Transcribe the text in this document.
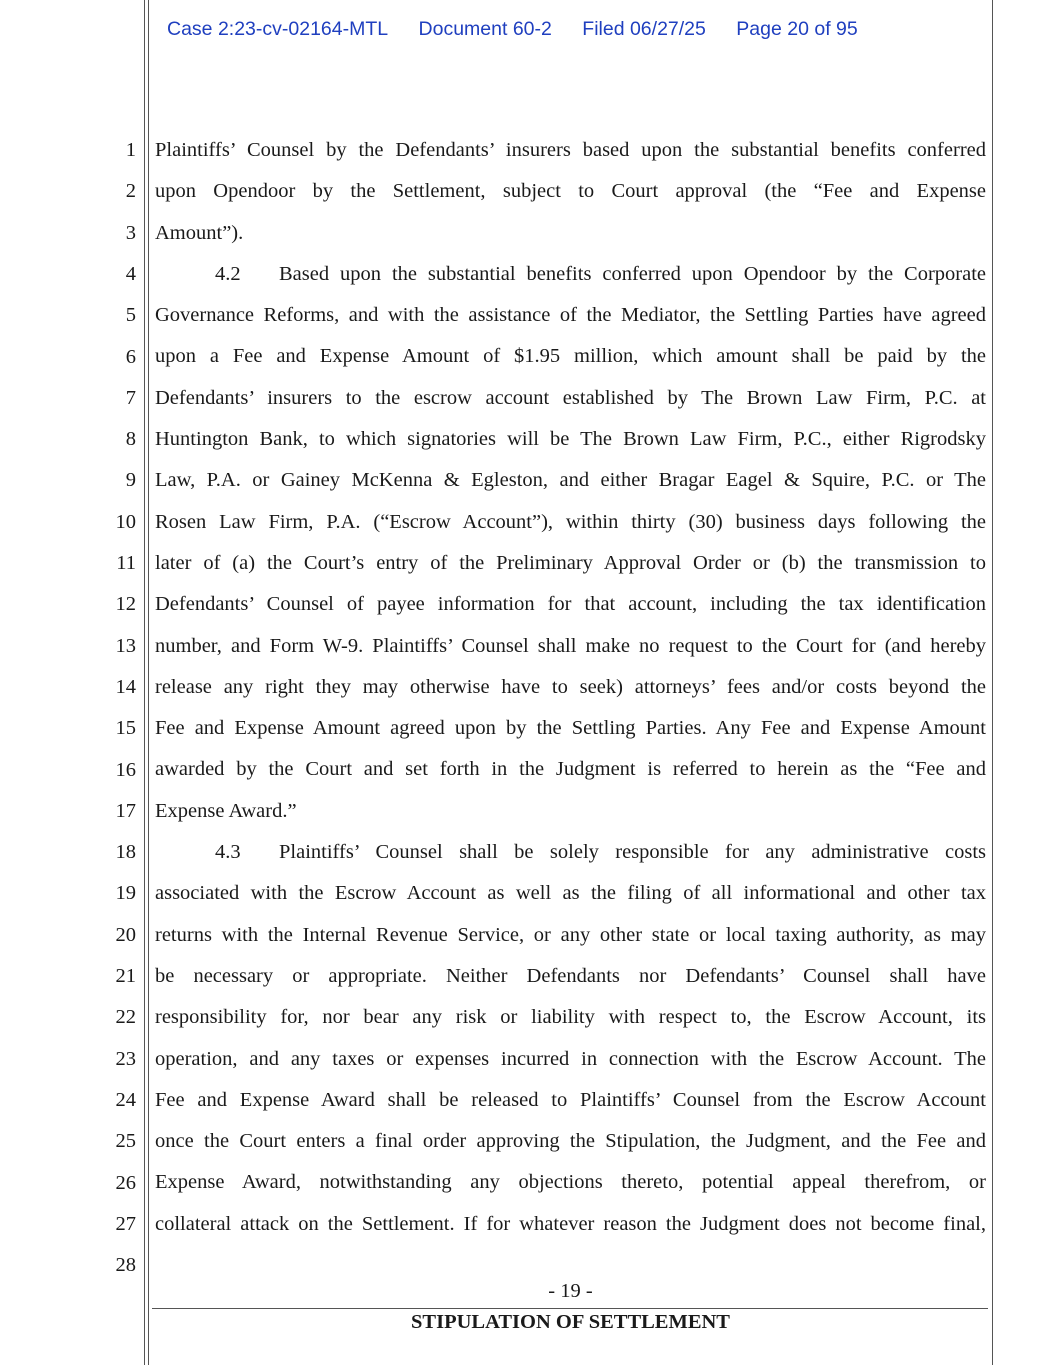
Case 2:23-cv-02164-MTL Document 60-2 Filed 06/27/25 Page 20 of 95
1
2
3
4
5
6
7
8
9
10
11
12
13
14
15
16
17
18
19
20
21
22
23
24
25
26
27
28
Plaintiffs’ Counsel by the Defendants’ insurers based upon the substantial benefits conferred
upon Opendoor by the Settlement, subject to Court approval (the “Fee and Expense
Amount”).
4.2 Based upon the substantial benefits conferred upon Opendoor by the Corporate
Governance Reforms, and with the assistance of the Mediator, the Settling Parties have agreed
upon a Fee and Expense Amount of $1.95 million, which amount shall be paid by the
Defendants’ insurers to the escrow account established by The Brown Law Firm, P.C. at
Huntington Bank, to which signatories will be The Brown Law Firm, P.C., either Rigrodsky
Law, P.A. or Gainey McKenna & Egleston, and either Bragar Eagel & Squire, P.C. or The
Rosen Law Firm, P.A. (“Escrow Account”), within thirty (30) business days following the
later of (a) the Court’s entry of the Preliminary Approval Order or (b) the transmission to
Defendants’ Counsel of payee information for that account, including the tax identification
number, and Form W-9. Plaintiffs’ Counsel shall make no request to the Court for (and hereby
release any right they may otherwise have to seek) attorneys’ fees and/or costs beyond the
Fee and Expense Amount agreed upon by the Settling Parties. Any Fee and Expense Amount
awarded by the Court and set forth in the Judgment is referred to herein as the “Fee and
Expense Award.”
4.3 Plaintiffs’ Counsel shall be solely responsible for any administrative costs
associated with the Escrow Account as well as the filing of all informational and other tax
returns with the Internal Revenue Service, or any other state or local taxing authority, as may
be necessary or appropriate. Neither Defendants nor Defendants’ Counsel shall have
responsibility for, nor bear any risk or liability with respect to, the Escrow Account, its
operation, and any taxes or expenses incurred in connection with the Escrow Account. The
Fee and Expense Award shall be released to Plaintiffs’ Counsel from the Escrow Account
once the Court enters a final order approving the Stipulation, the Judgment, and the Fee and
Expense Award, notwithstanding any objections thereto, potential appeal therefrom, or
collateral attack on the Settlement. If for whatever reason the Judgment does not become final,
- 19 -
STIPULATION OF SETTLEMENT
